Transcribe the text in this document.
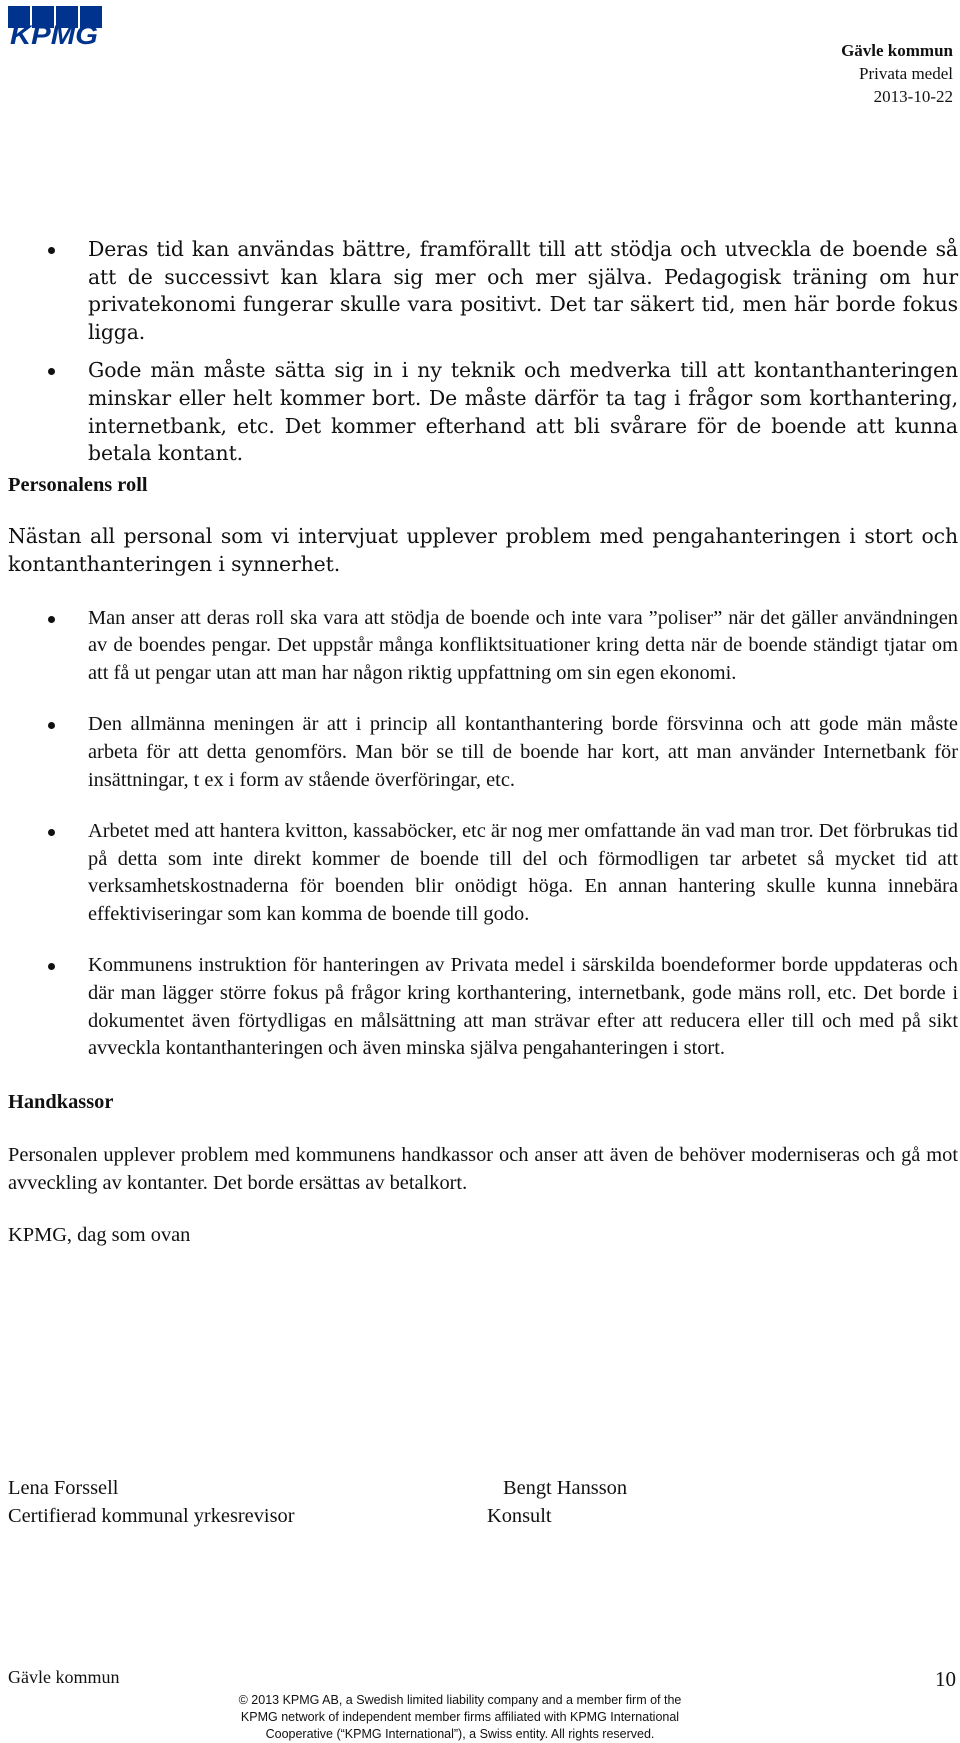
KPMG
Gävle kommun
Privata medel
2013-10-22
Deras tid kan användas bättre, framförallt till att stödja och utveckla de boende så att de successivt kan klara sig mer och mer själva. Pedagogisk träning om hur privatekonomi fungerar skulle vara positivt. Det tar säkert tid, men här borde fokus ligga.
Gode män måste sätta sig in i ny teknik och medverka till att kontanthanteringen minskar eller helt kommer bort. De måste därför ta tag i frågor som korthantering, internetbank, etc. Det kommer efterhand att bli svårare för de boende att kunna betala kontant.
Personalens roll
Nästan all personal som vi intervjuat upplever problem med pengahanteringen i stort och kontanthanteringen i synnerhet.
Man anser att deras roll ska vara att stödja de boende och inte vara ”poliser” när det gäller användningen av de boendes pengar. Det uppstår många konfliktsituationer kring detta när de boende ständigt tjatar om att få ut pengar utan att man har någon riktig uppfattning om sin egen ekonomi.
Den allmänna meningen är att i princip all kontanthantering borde försvinna och att gode män måste arbeta för att detta genomförs. Man bör se till de boende har kort, att man använder Internetbank för insättningar, t ex i form av stående överföringar, etc.
Arbetet med att hantera kvitton, kassaböcker, etc är nog mer omfattande än vad man tror. Det förbrukas tid på detta som inte direkt kommer de boende till del och förmodligen tar arbetet så mycket tid att verksamhetskostnaderna för boenden blir onödigt höga. En annan hantering skulle kunna innebära effektiviseringar som kan komma de boende till godo.
Kommunens instruktion för hanteringen av Privata medel i särskilda boendeformer borde uppdateras och där man lägger större fokus på frågor kring korthantering, internetbank, gode mäns roll, etc. Det borde i dokumentet även förtydligas en målsättning att man strävar efter att reducera eller till och med på sikt avveckla kontanthanteringen och även minska själva pengahanteringen i stort.
Handkassor
Personalen upplever problem med kommunens handkassor och anser att även de behöver moderniseras och gå mot avveckling av kontanter. Det borde ersättas av betalkort.
KPMG, dag som ovan
Lena Forssell
Certifierad kommunal yrkesrevisor
Bengt Hansson
Konsult
Gävle kommun	10
© 2013 KPMG AB, a Swedish limited liability company and a member firm of the
KPMG network of independent member firms affiliated with KPMG International
Cooperative (“KPMG International”), a Swiss entity. All rights reserved.
